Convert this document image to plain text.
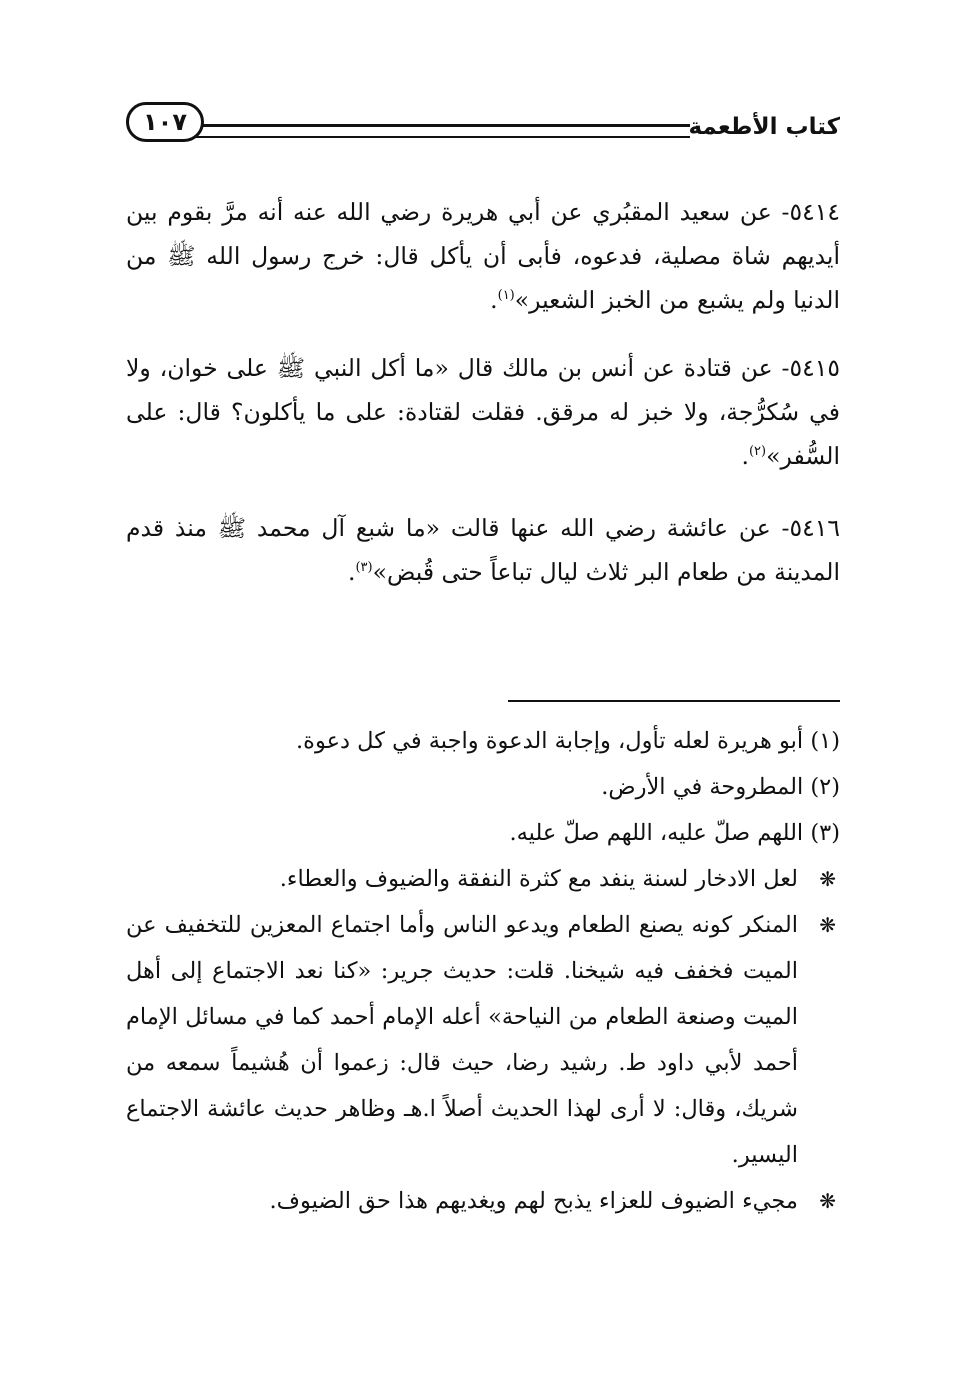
كتاب الأطعمة
١٠٧

٥٤١٤- عن سعيد المقبُري عن أبي هريرة رضي الله عنه أنه مرَّ بقوم بين أيديهم شاة مصلية، فدعوه، فأبى أن يأكل قال: خرج رسول الله ﷺ من الدنيا ولم يشبع من الخبز الشعير»$^{(١)}$.

٥٤١٥- عن قتادة عن أنس بن مالك قال «ما أكل النبي ﷺ على خوان، ولا في سُكرُّجة، ولا خبز له مرقق. فقلت لقتادة: على ما يأكلون؟ قال: على السُّفر»$^{(٢)}$.

٥٤١٦- عن عائشة رضي الله عنها قالت «ما شبع آل محمد ﷺ منذ قدم المدينة من طعام البر ثلاث ليال تباعاً حتى قُبض»$^{(٣)}$.

(١) أبو هريرة لعله تأول، وإجابة الدعوة واجبة في كل دعوة.

(٢) المطروحة في الأرض.

(٣) اللهم صلّ عليه، اللهم صلّ عليه.

❋
لعل الادخار لسنة ينفد مع كثرة النفقة والضيوف والعطاء.

❋
المنكر كونه يصنع الطعام ويدعو الناس وأما اجتماع المعزين للتخفيف عن الميت فخفف فيه شيخنا. قلت: حديث جرير: «كنا نعد الاجتماع إلى أهل الميت وصنعة الطعام من النياحة» أعله الإمام أحمد كما في مسائل الإمام أحمد لأبي داود ط. رشيد رضا، حيث قال: زعموا أن هُشيماً سمعه من شريك، وقال: لا أرى لهذا الحديث أصلاً ا.هـ وظاهر حديث عائشة الاجتماع اليسير.

❋
مجيء الضيوف للعزاء يذبح لهم ويغديهم هذا حق الضيوف.
